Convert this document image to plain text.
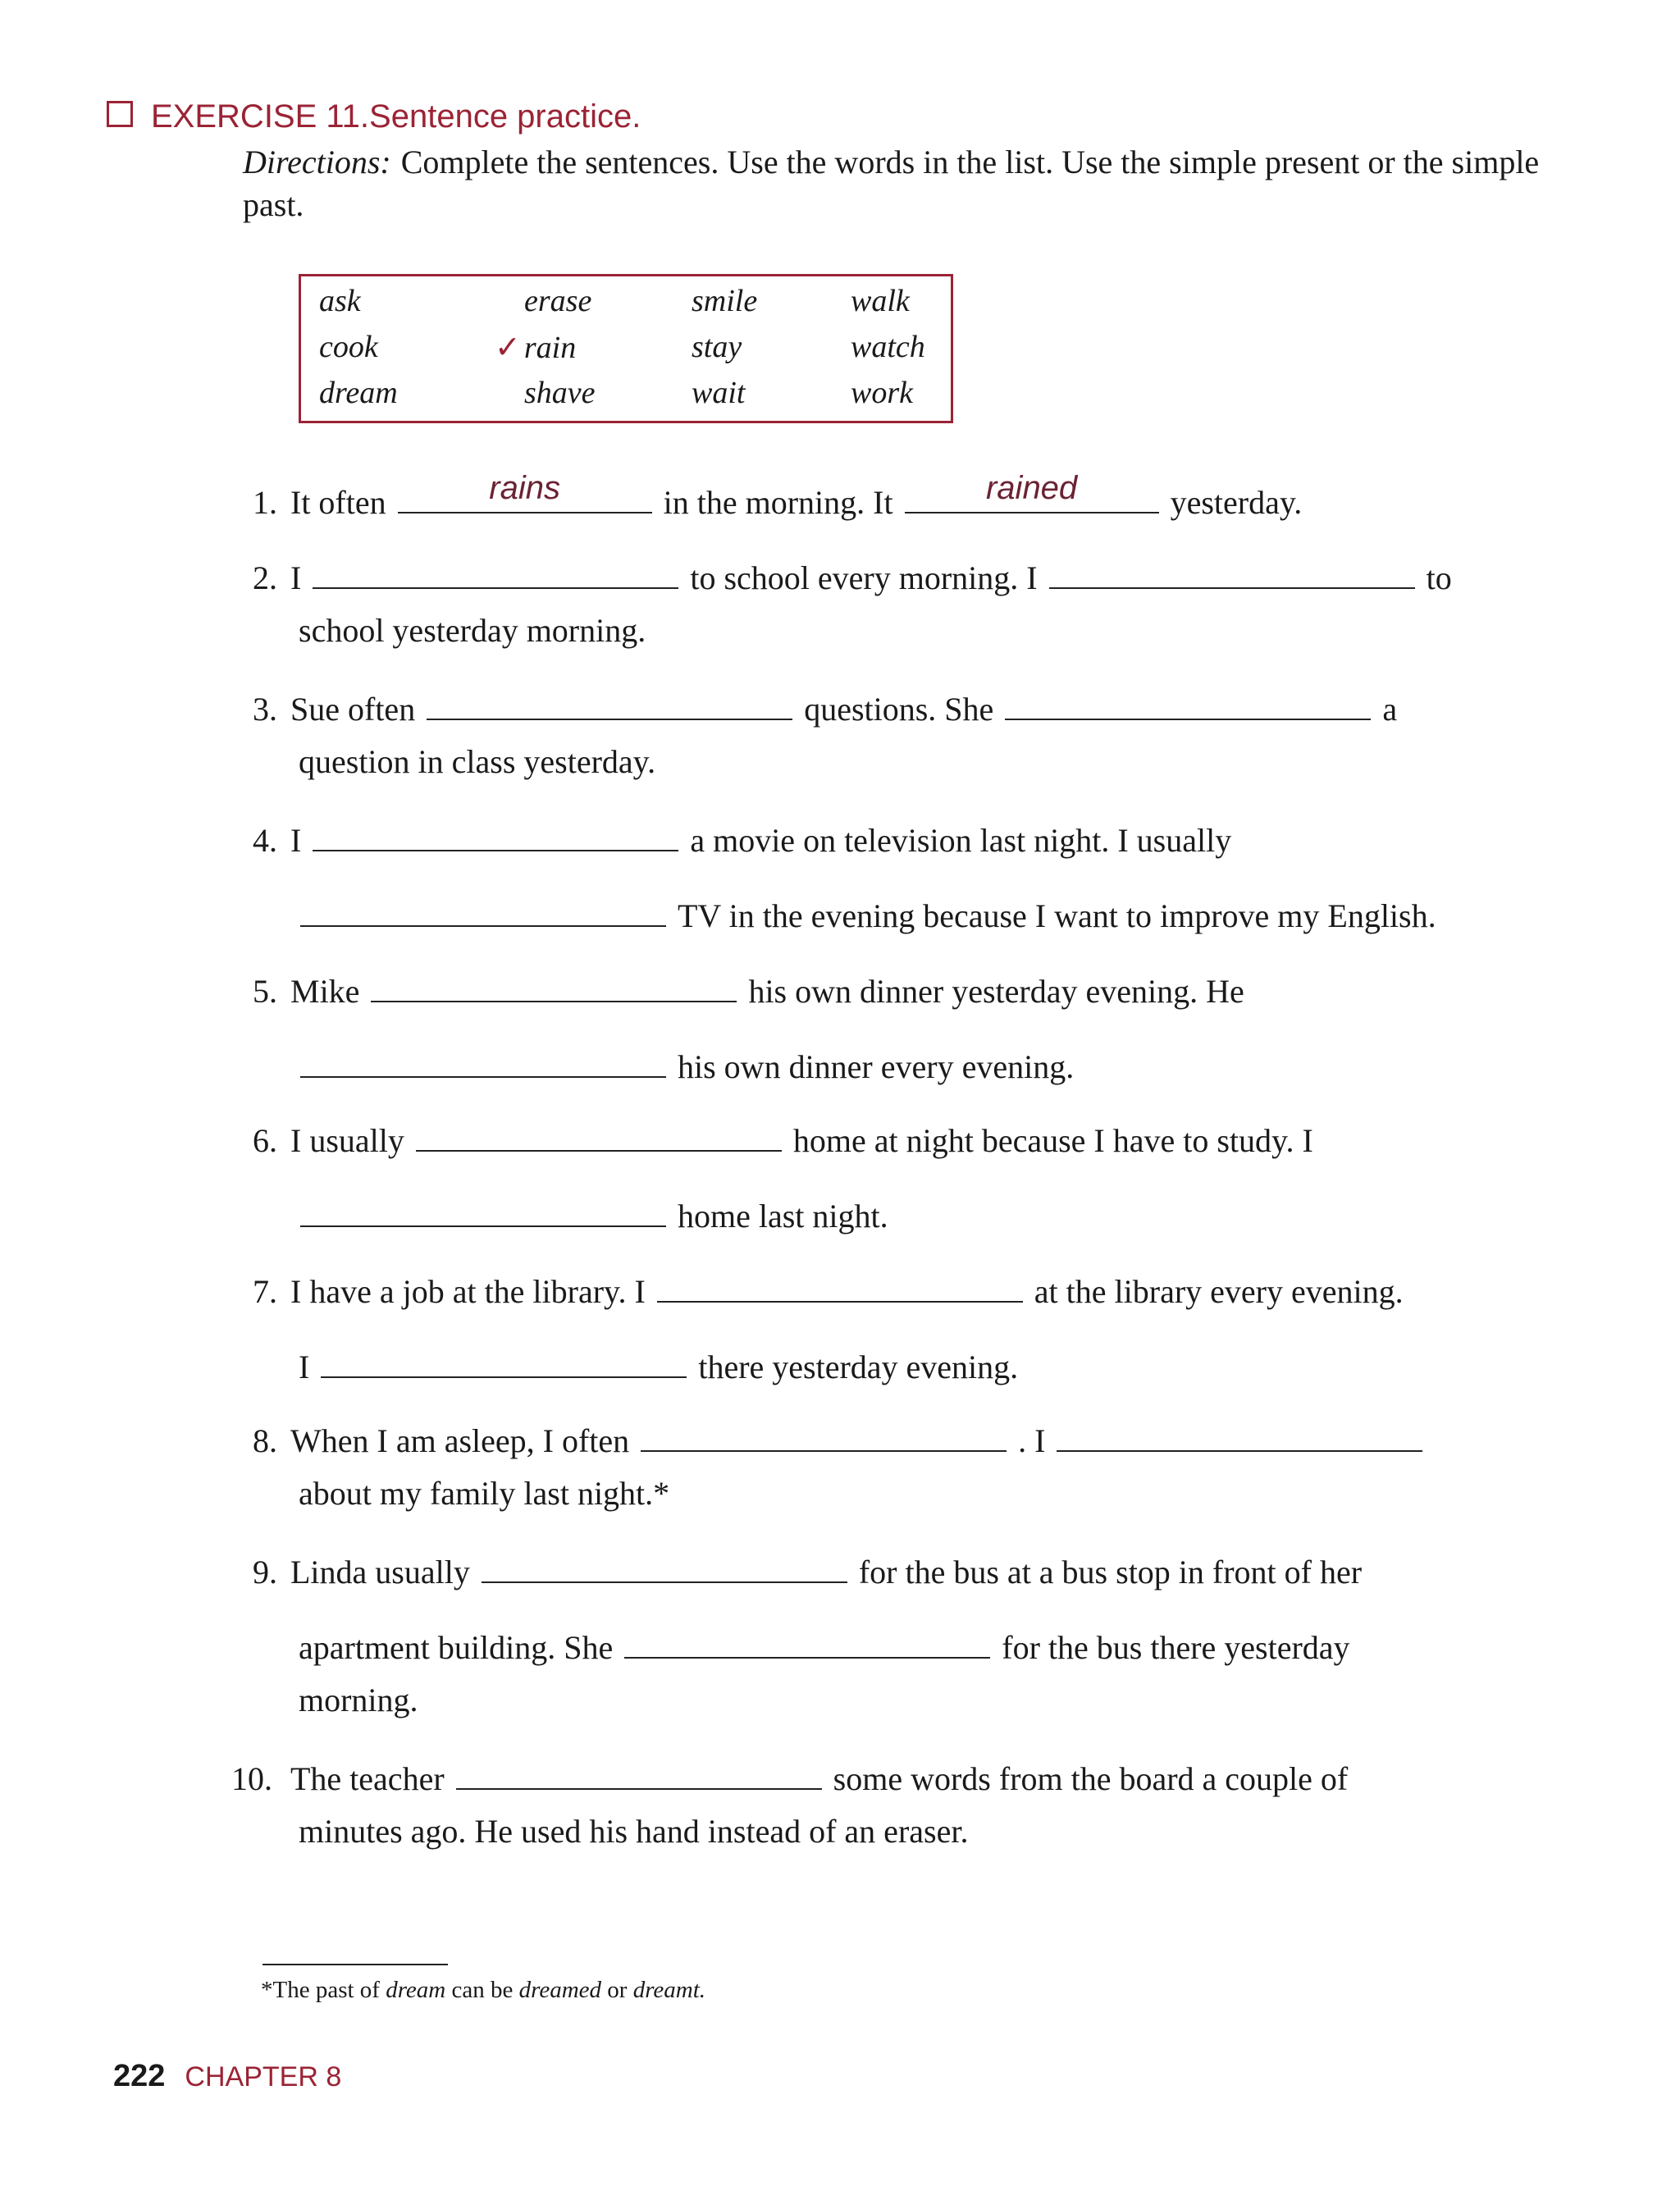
EXERCISE 11.Sentence practice.
Directions: Complete the sentences. Use the words in the list. Use the simple present or the simple past.
ask	erase	smile	walk
cook	✓ rain	stay	watch
dream	shave	wait	work
1. It often	rains	in the morning. It	rained	yesterday.
2. I	to school every morning. I	to
school yesterday morning.
3. Sue often	questions. She	a
question in class yesterday.
4. I	a movie on television last night. I usually
TV in the evening because I want to improve my English.
5. Mike	his own dinner yesterday evening. He
his own dinner every evening.
6. I usually	home at night because I have to study. I
home last night.
7. I have a job at the library. I	at the library every evening.
I	there yesterday evening.
8. When I am asleep, I often	. I
about my family last night.*
9. Linda usually	for the bus at a bus stop in front of her
apartment building. She	for the bus there yesterday
morning.
10. The teacher	some words from the board a couple of
minutes ago. He used his hand instead of an eraser.
*The past of dream can be dreamed or dreamt.
222 CHAPTER 8
